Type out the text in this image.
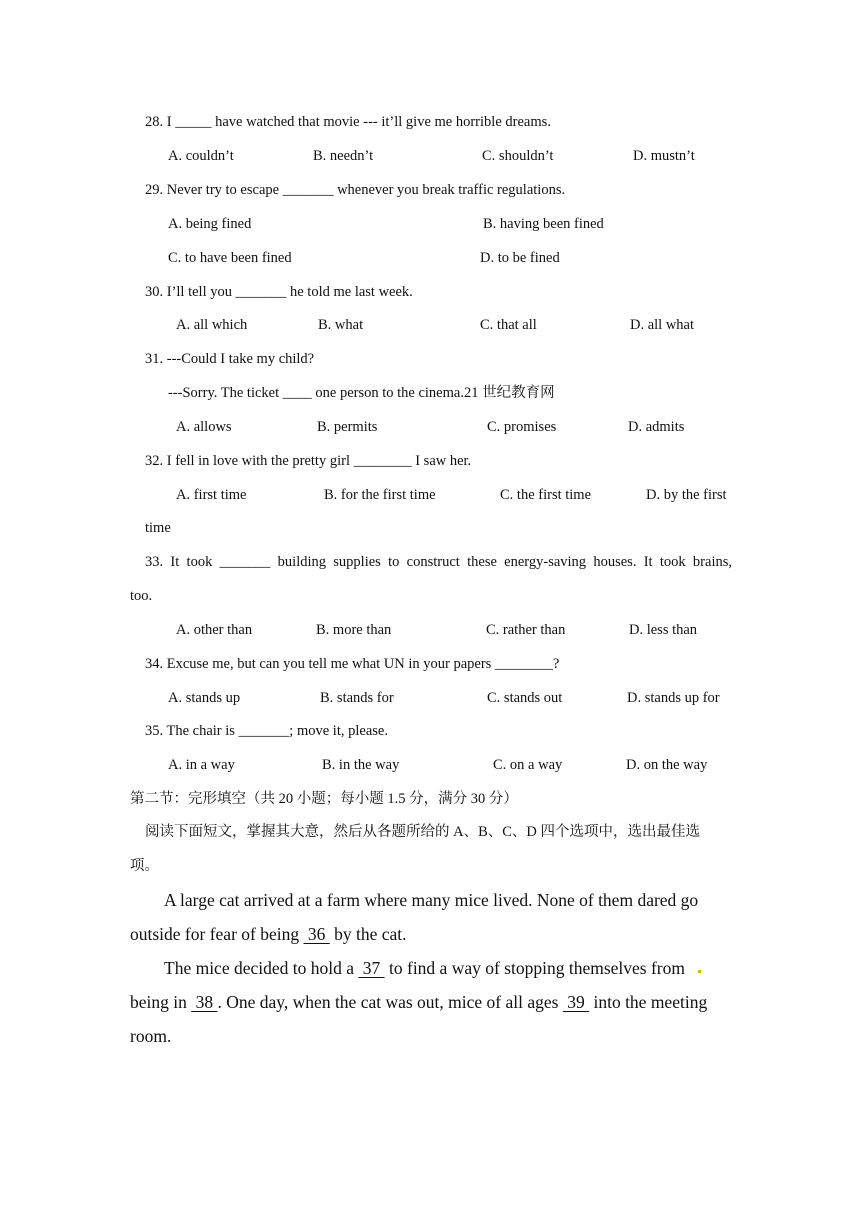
28. I _____ have watched that movie --- it’ll give me horrible dreams.
A. couldn’t	B. needn’t	C. shouldn’t	D. mustn’t
29. Never try to escape _______ whenever you break traffic regulations.
A. being fined	B. having been fined
C. to have been fined	D. to be fined
30. I’ll tell you _______ he told me last week.
A. all which	B. what	C. that all	D. all what
31. ---Could I take my child?
---Sorry. The ticket ____ one person to the cinema.21 世纪教育网
A. allows	B. permits	C. promises	D. admits
32. I fell in love with the pretty girl ________ I saw her.
A. first time	B. for the first time	C. the first time	D. by the first
time
33. It took _______ building supplies to construct these energy-saving houses. It took brains,
too.
A. other than	B. more than	C. rather than	D. less than
34. Excuse me, but can you tell me what UN in your papers ________?
A. stands up	B. stands for	C. stands out	D. stands up for
35. The chair is _______; move it, please.
A. in a way	B. in the way	C. on a way	D. on the way
第二节：完形填空（共 20 小题；每小题 1.5 分，满分 30 分）
阅读下面短文，掌握其大意，然后从各题所给的 A、B、C、D 四个选项中，选出最佳选
项。
A large cat arrived at a farm where many mice lived. None of them dared go
outside for fear of being  36  by the cat.
The mice decided to hold a  37  to find a way of stopping themselves from
being in  38 . One day, when the cat was out, mice of all ages  39  into the meeting
room.
